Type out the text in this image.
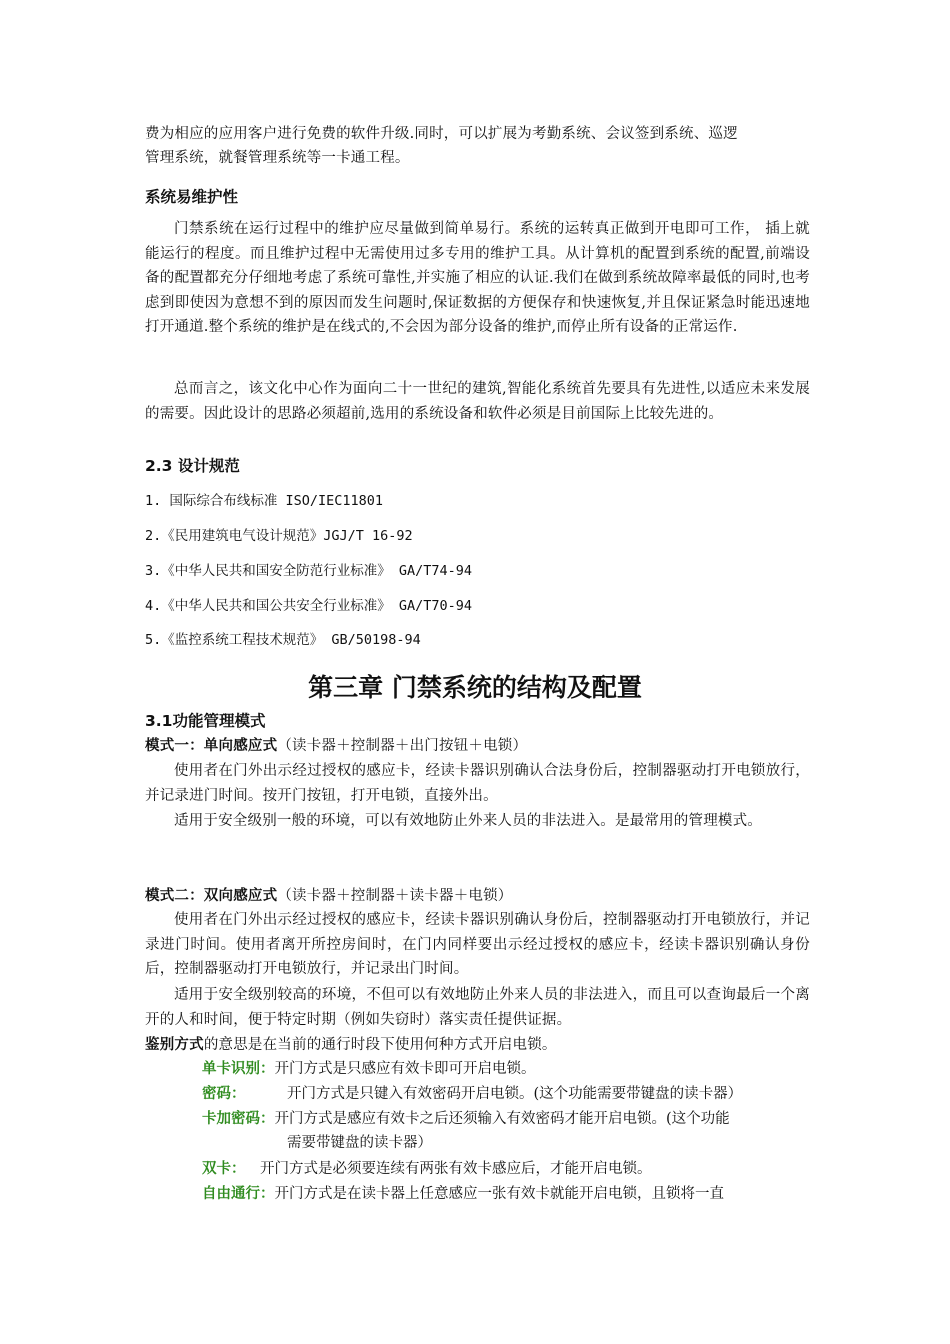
费为相应的应用客户进行免费的软件升级.同时，可以扩展为考勤系统、会议签到系统、巡逻

管理系统，就餐管理系统等一卡通工程。

系统易维护性

门禁系统在运行过程中的维护应尽量做到简单易行。系统的运转真正做到开电即可工作， 插上就能运行的程度。而且维护过程中无需使用过多专用的维护工具。从计算机的配置到系统的配置,前端设备的配置都充分仔细地考虑了系统可靠性,并实施了相应的认证.我们在做到系统故障率最低的同时,也考虑到即使因为意想不到的原因而发生问题时,保证数据的方便保存和快速恢复,并且保证紧急时能迅速地打开通道.整个系统的维护是在线式的,不会因为部分设备的维护,而停止所有设备的正常运作.

总而言之，该文化中心作为面向二十一世纪的建筑,智能化系统首先要具有先进性,以适应未来发展的需要。因此设计的思路必须超前,选用的系统设备和软件必须是目前国际上比较先进的。

2.3 设计规范

1. 国际综合布线标准 ISO/IEC11801

2.《民用建筑电气设计规范》JGJ/T 16-92

3.《中华人民共和国安全防范行业标准》 GA/T74-94

4.《中华人民共和国公共安全行业标准》 GA/T70-94

5.《监控系统工程技术规范》 GB/50198-94

第三章 门禁系统的结构及配置
3.1功能管理模式

模式一：单向感应式（读卡器＋控制器＋出门按钮＋电锁）

使用者在门外出示经过授权的感应卡，经读卡器识别确认合法身份后，控制器驱动打开电锁放行，并记录进门时间。按开门按钮，打开电锁，直接外出。

适用于安全级别一般的环境，可以有效地防止外来人员的非法进入。是最常用的管理模式。

模式二：双向感应式（读卡器＋控制器＋读卡器＋电锁）

使用者在门外出示经过授权的感应卡，经读卡器识别确认身份后，控制器驱动打开电锁放行，并记录进门时间。使用者离开所控房间时，在门内同样要出示经过授权的感应卡，经读卡器识别确认身份后，控制器驱动打开电锁放行，并记录出门时间。

适用于安全级别较高的环境，不但可以有效地防止外来人员的非法进入，而且可以查询最后一个离开的人和时间，便于特定时期（例如失窃时）落实责任提供证据。

鉴别方式的意思是在当前的通行时段下使用何种方式开启电锁。

单卡识别：开门方式是只感应有效卡即可开启电锁。

密码：	开门方式是只键入有效密码开启电锁。(这个功能需要带键盘的读卡器）

卡加密码：开门方式是感应有效卡之后还须输入有效密码才能开启电锁。(这个功能

需要带键盘的读卡器）

双卡： 开门方式是必须要连续有两张有效卡感应后，才能开启电锁。

自由通行：开门方式是在读卡器上任意感应一张有效卡就能开启电锁，且锁将一直
